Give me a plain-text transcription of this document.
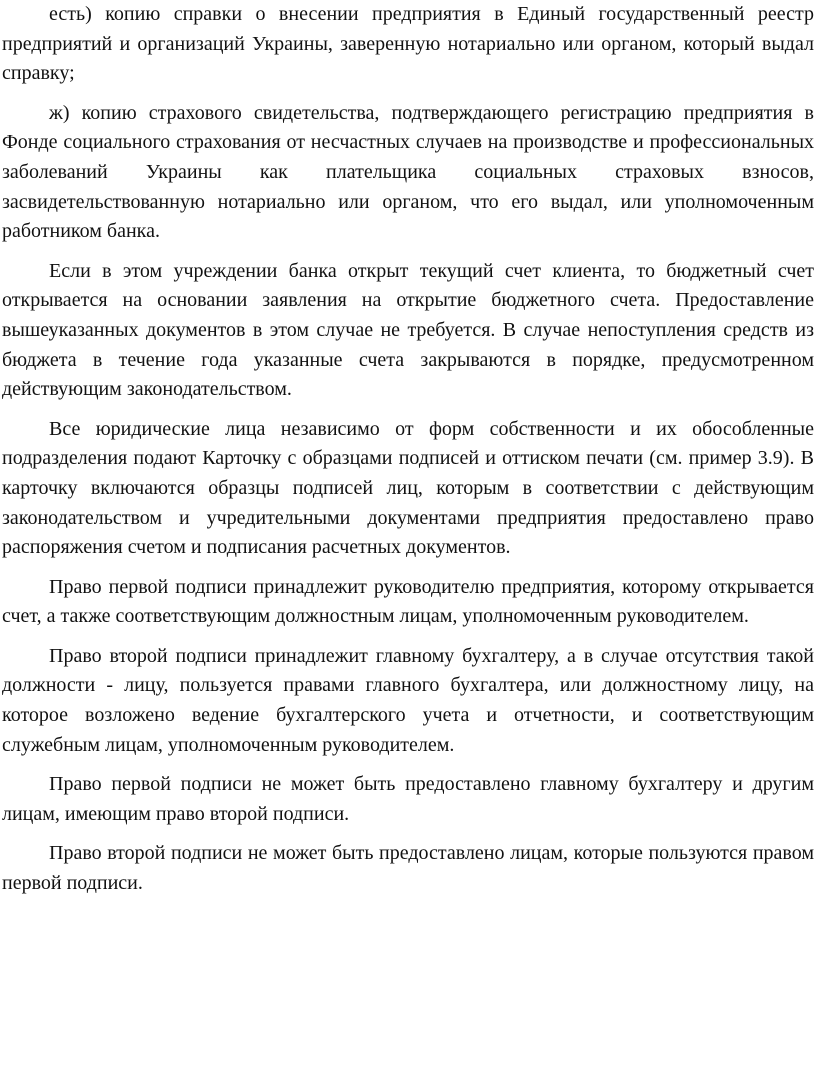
есть) копию справки о внесении предприятия в Единый государственный реестр предприятий и организаций Украины, заверенную нотариально или органом, который выдал справку;

ж) копию страхового свидетельства, подтверждающего регистрацию предприятия в Фонде социального страхования от несчастных случаев на производстве и профессиональных заболеваний Украины как плательщика социальных страховых взносов, засвидетельствованную нотариально или органом, что его выдал, или уполномоченным работником банка.

Если в этом учреждении банка открыт текущий счет клиента, то бюджетный счет открывается на основании заявления на открытие бюджетного счета. Предоставление вышеуказанных документов в этом случае не требуется. В случае непоступления средств из бюджета в течение года указанные счета закрываются в порядке, предусмотренном действующим законодательством.

Все юридические лица независимо от форм собственности и их обособленные подразделения подают Карточку с образцами подписей и оттиском печати (см. пример 3.9). В карточку включаются образцы подписей лиц, которым в соответствии с действующим законодательством и учредительными документами предприятия предоставлено право распоряжения счетом и подписания расчетных документов.

Право первой подписи принадлежит руководителю предприятия, которому открывается счет, а также соответствующим должностным лицам, уполномоченным руководителем.

Право второй подписи принадлежит главному бухгалтеру, а в случае отсутствия такой должности - лицу, пользуется правами главного бухгалтера, или должностному лицу, на которое возложено ведение бухгалтерского учета и отчетности, и соответствующим служебным лицам, уполномоченным руководителем.

Право первой подписи не может быть предоставлено главному бухгалтеру и другим лицам, имеющим право второй подписи.

Право второй подписи не может быть предоставлено лицам, которые пользуются правом первой подписи.
